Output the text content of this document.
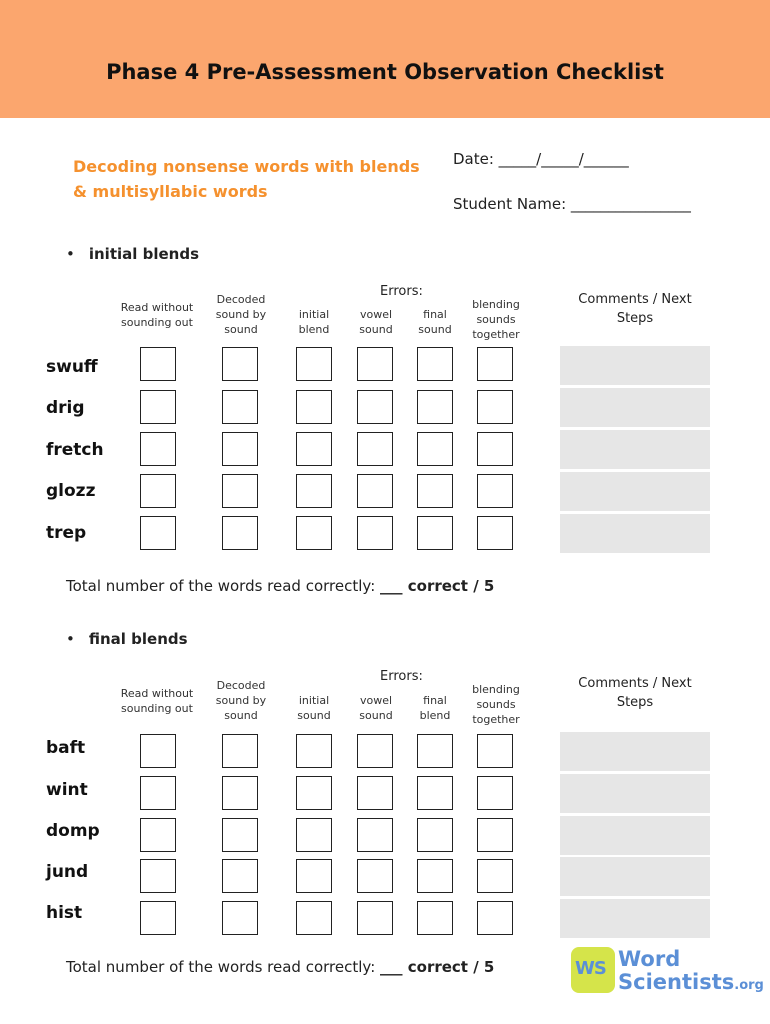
Phase 4 Pre-Assessment Observation Checklist
Decoding nonsense words with blends & multisyllabic words
Date: _____/_____/______
Student Name: ________________
• initial blends
Read without sounding out
Decoded sound by sound
Errors:
initial blend
vowel sound
final sound
blending sounds together
Comments / Next Steps
swuff
drig
fretch
glozz
trep
Total number of the words read correctly: ___ correct / 5
• final blends
Read without sounding out
Decoded sound by sound
Errors:
initial sound
vowel sound
final blend
blending sounds together
Comments / Next Steps
baft
wint
domp
jund
hist
Total number of the words read correctly: ___ correct / 5	WS Word
Scientists.org
